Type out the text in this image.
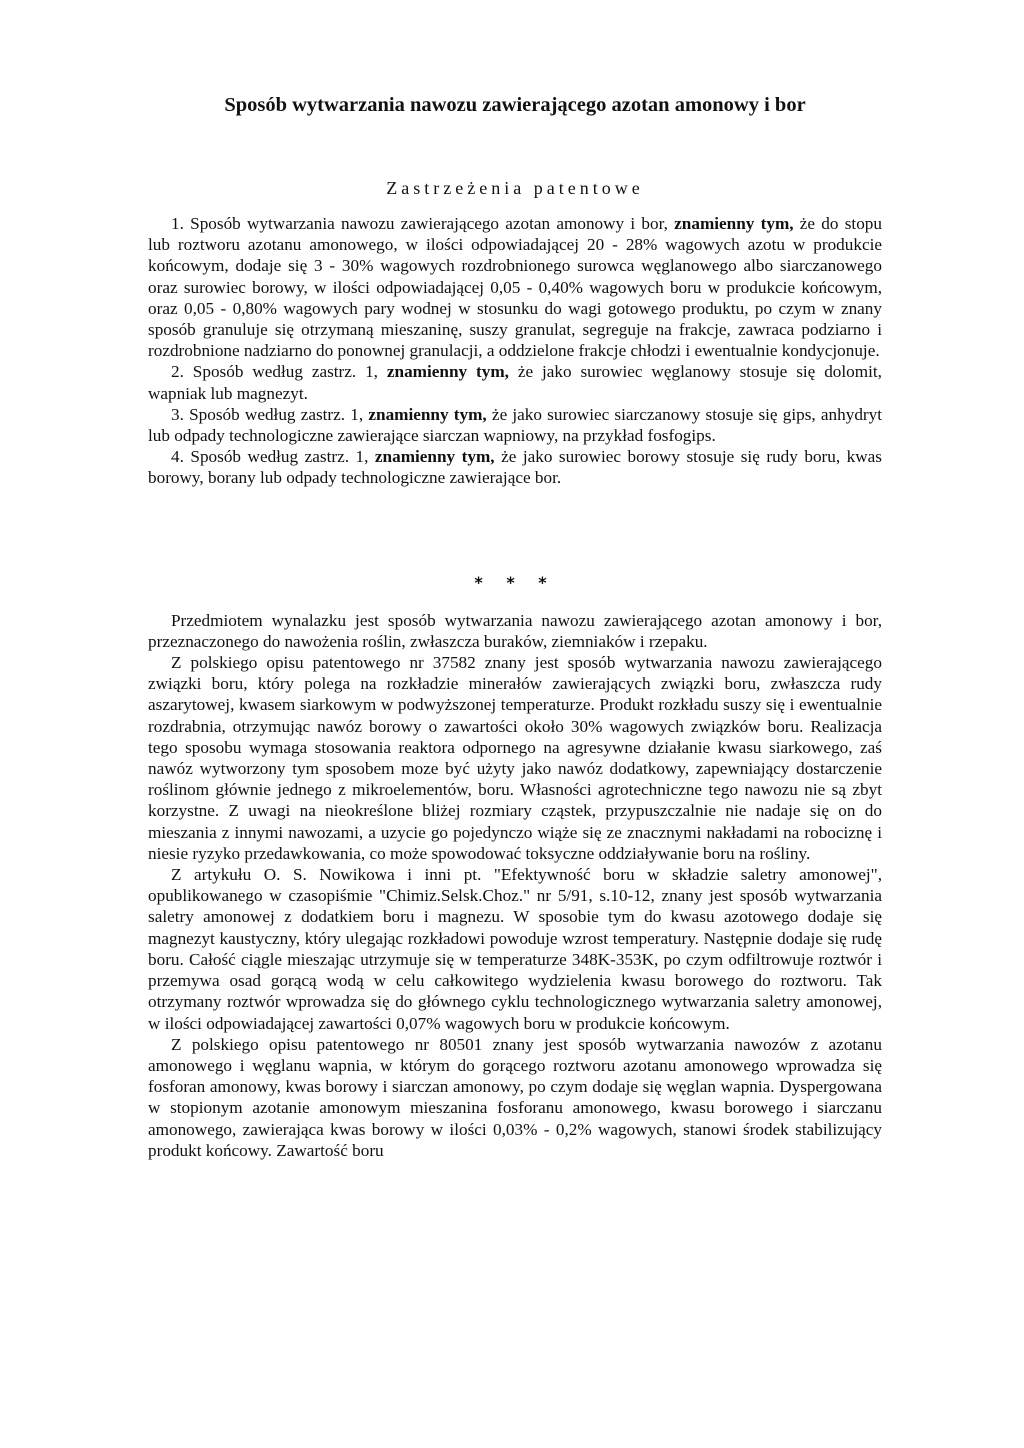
Sposób wytwarzania nawozu zawierającego azotan amonowy i bor
Zastrzeżenia patentowe

1. Sposób wytwarzania nawozu zawierającego azotan amonowy i bor, znamienny tym, że do stopu lub roztworu azotanu amonowego, w ilości odpowiadającej 20 - 28% wagowych azotu w produkcie końcowym, dodaje się 3 - 30% wagowych rozdrobnionego surowca węglanowego albo siarczanowego oraz surowiec borowy, w ilości odpowiadającej 0,05 - 0,40% wagowych boru w produkcie końcowym, oraz 0,05 - 0,80% wagowych pary wodnej w stosunku do wagi gotowego produktu, po czym w znany sposób granuluje się otrzymaną mieszaninę, suszy granulat, segreguje na frakcje, zawraca podziarno i rozdrobnione nadziarno do ponownej granulacji, a oddzielone frakcje chłodzi i ewentualnie kondycjonuje.

2. Sposób według zastrz. 1, znamienny tym, że jako surowiec węglanowy stosuje się dolomit, wapniak lub magnezyt.

3. Sposób według zastrz. 1, znamienny tym, że jako surowiec siarczanowy stosuje się gips, anhydryt lub odpady technologiczne zawierające siarczan wapniowy, na przykład fosfogips.

4. Sposób według zastrz. 1, znamienny tym, że jako surowiec borowy stosuje się rudy boru, kwas borowy, borany lub odpady technologiczne zawierające bor.

* * *

Przedmiotem wynalazku jest sposób wytwarzania nawozu zawierającego azotan amonowy i bor, przeznaczonego do nawożenia roślin, zwłaszcza buraków, ziemniaków i rzepaku.

Z polskiego opisu patentowego nr 37582 znany jest sposób wytwarzania nawozu zawierającego związki boru, który polega na rozkładzie minerałów zawierających związki boru, zwłaszcza rudy aszarytowej, kwasem siarkowym w podwyższonej temperaturze. Produkt rozkładu suszy się i ewentualnie rozdrabnia, otrzymując nawóz borowy o zawartości około 30% wagowych związków boru. Realizacja tego sposobu wymaga stosowania reaktora odpornego na agresywne działanie kwasu siarkowego, zaś nawóz wytworzony tym sposobem moze być użyty jako nawóz dodatkowy, zapewniający dostarczenie roślinom głównie jednego z mikroelementów, boru. Własności agrotechniczne tego nawozu nie są zbyt korzystne. Z uwagi na nieokreślone bliżej rozmiary cząstek, przypuszczalnie nie nadaje się on do mieszania z innymi nawozami, a uzycie go pojedynczo wiąże się ze znacznymi nakładami na robociznę i niesie ryzyko przedawkowania, co może spowodować toksyczne oddziaływanie boru na rośliny.

Z artykułu O. S. Nowikowa i inni pt. "Efektywność boru w składzie saletry amonowej", opublikowanego w czasopiśmie "Chimiz.Selsk.Choz." nr 5/91, s.10-12, znany jest sposób wytwarzania saletry amonowej z dodatkiem boru i magnezu. W sposobie tym do kwasu azotowego dodaje się magnezyt kaustyczny, który ulegając rozkładowi powoduje wzrost temperatury. Następnie dodaje się rudę boru. Całość ciągle mieszając utrzymuje się w temperaturze 348K-353K, po czym odfiltrowuje roztwór i przemywa osad gorącą wodą w celu całkowitego wydzielenia kwasu borowego do roztworu. Tak otrzymany roztwór wprowadza się do głównego cyklu technologicznego wytwarzania saletry amonowej, w ilości odpowiadającej zawartości 0,07% wagowych boru w produkcie końcowym.

Z polskiego opisu patentowego nr 80501 znany jest sposób wytwarzania nawozów z azotanu amonowego i węglanu wapnia, w którym do gorącego roztworu azotanu amonowego wprowadza się fosforan amonowy, kwas borowy i siarczan amonowy, po czym dodaje się węglan wapnia. Dyspergowana w stopionym azotanie amonowym mieszanina fosforanu amonowego, kwasu borowego i siarczanu amonowego, zawierająca kwas borowy w ilości 0,03% - 0,2% wagowych, stanowi środek stabilizujący produkt końcowy. Zawartość boru
